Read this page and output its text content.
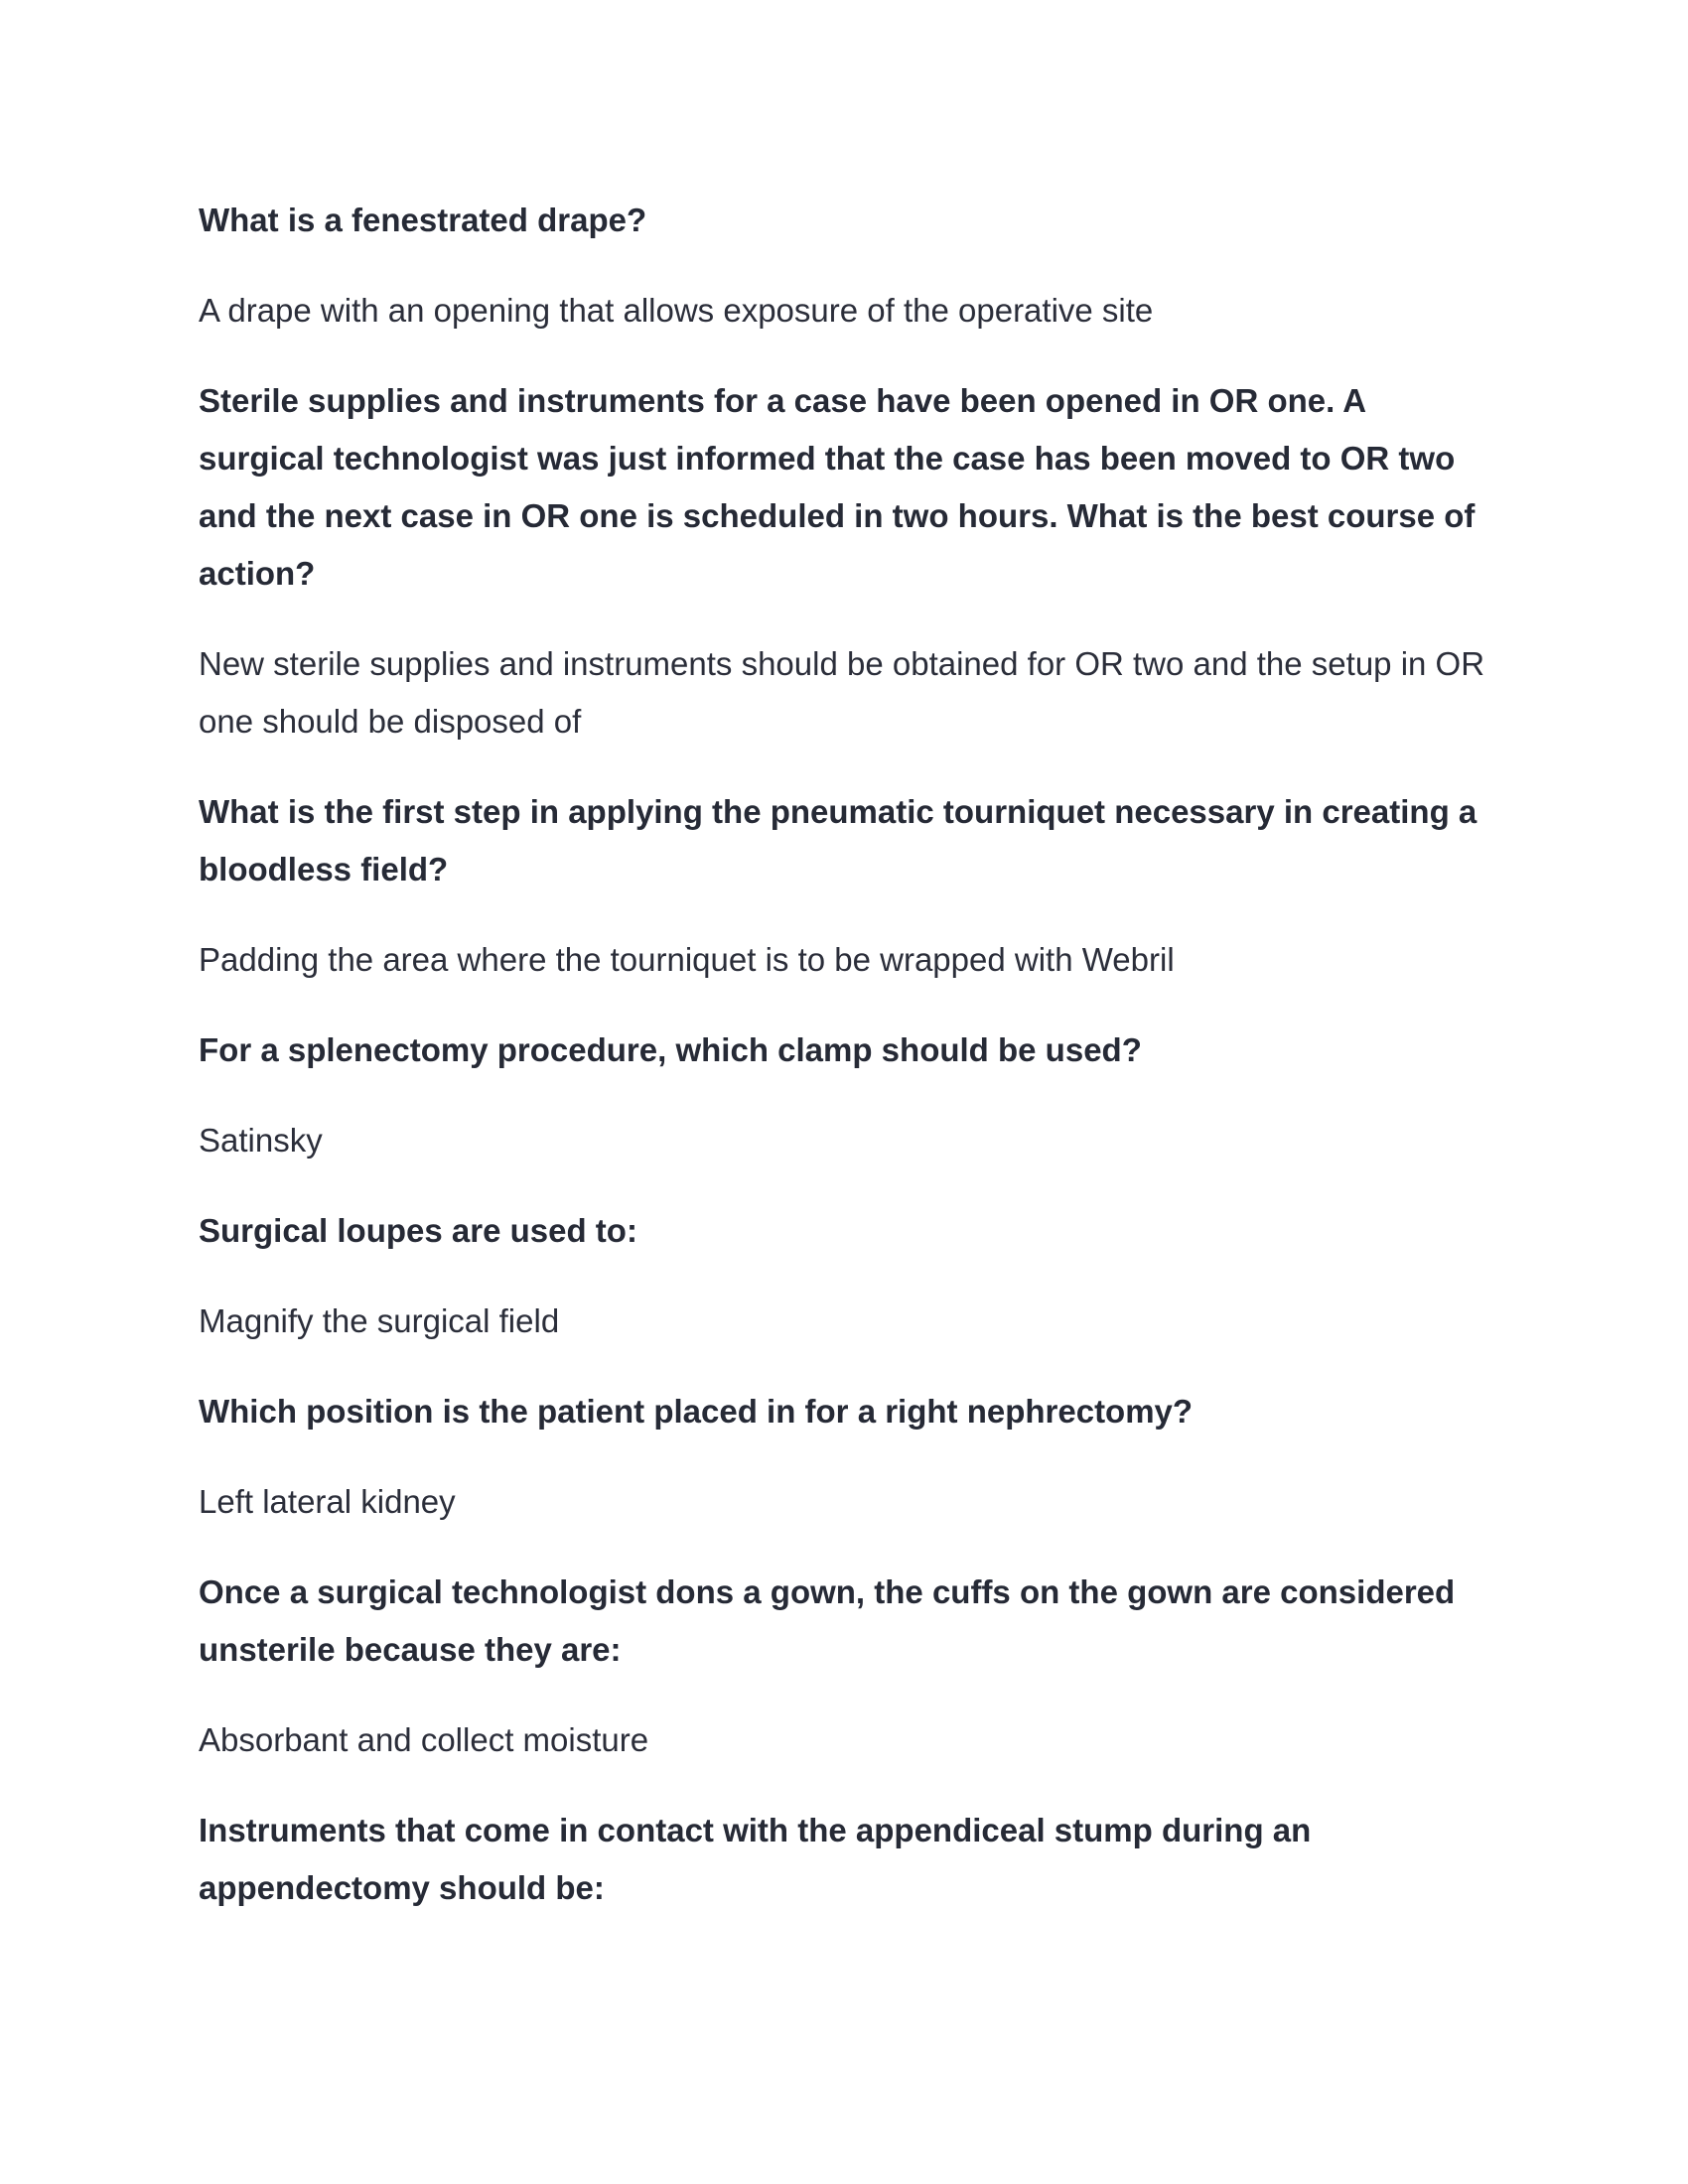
What is a fenestrated drape?

A drape with an opening that allows exposure of the operative site

Sterile supplies and instruments for a case have been opened in OR one. A surgical technologist was just informed that the case has been moved to OR two and the next case in OR one is scheduled in two hours. What is the best course of action?

New sterile supplies and instruments should be obtained for OR two and the setup in OR one should be disposed of

What is the first step in applying the pneumatic tourniquet necessary in creating a bloodless field?

Padding the area where the tourniquet is to be wrapped with Webril

For a splenectomy procedure, which clamp should be used?

Satinsky

Surgical loupes are used to:

Magnify the surgical field

Which position is the patient placed in for a right nephrectomy?

Left lateral kidney

Once a surgical technologist dons a gown, the cuffs on the gown are considered unsterile because they are:

Absorbant and collect moisture

Instruments that come in contact with the appendiceal stump during an appendectomy should be:
